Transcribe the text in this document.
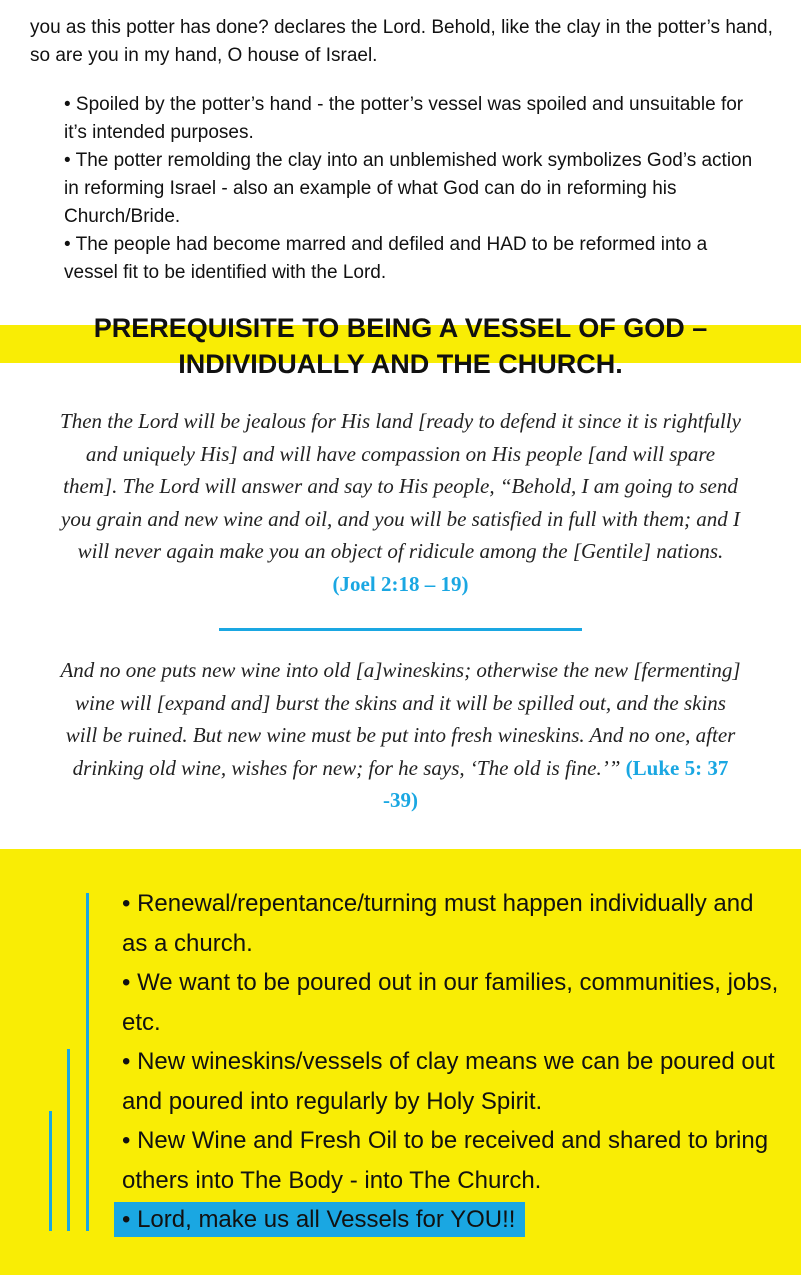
you as this potter has done? declares the Lord. Behold, like the clay in the potter’s hand, so are you in my hand, O house of Israel.

• Spoiled by the potter’s hand - the potter’s vessel was spoiled and unsuitable for it’s intended purposes.
• The potter remolding the clay into an unblemished work symbolizes God’s action in reforming Israel - also an example of what God can do in reforming his Church/Bride.
• The people had become marred and defiled and HAD to be reformed into a vessel fit to be identified with the Lord.
PREREQUISITE TO BEING A VESSEL OF GOD –
INDIVIDUALLY AND THE CHURCH.

Then the Lord will be jealous for His land [ready to defend it since it is rightfully and uniquely His] and will have compassion on His people [and will spare them]. The Lord will answer and say to His people, “Behold, I am going to send you grain and new wine and oil, and you will be satisfied in full with them; and I will never again make you an object of ridicule among the [Gentile] nations. (Joel 2:18 – 19)

And no one puts new wine into old [a]wineskins; otherwise the new [fermenting] wine will [expand and] burst the skins and it will be spilled out, and the skins will be ruined. But new wine must be put into fresh wineskins. And no one, after drinking old wine, wishes for new; for he says, ‘The old is fine.’” (Luke 5: 37 -39)

• Renewal/repentance/turning must happen individually and as a church.
• We want to be poured out in our families, communities, jobs, etc.
• New wineskins/vessels of clay means we can be poured out and poured into regularly by Holy Spirit.
• New Wine and Fresh Oil to be received and shared to bring others into The Body - into The Church.
• Lord, make us all Vessels for YOU!!
